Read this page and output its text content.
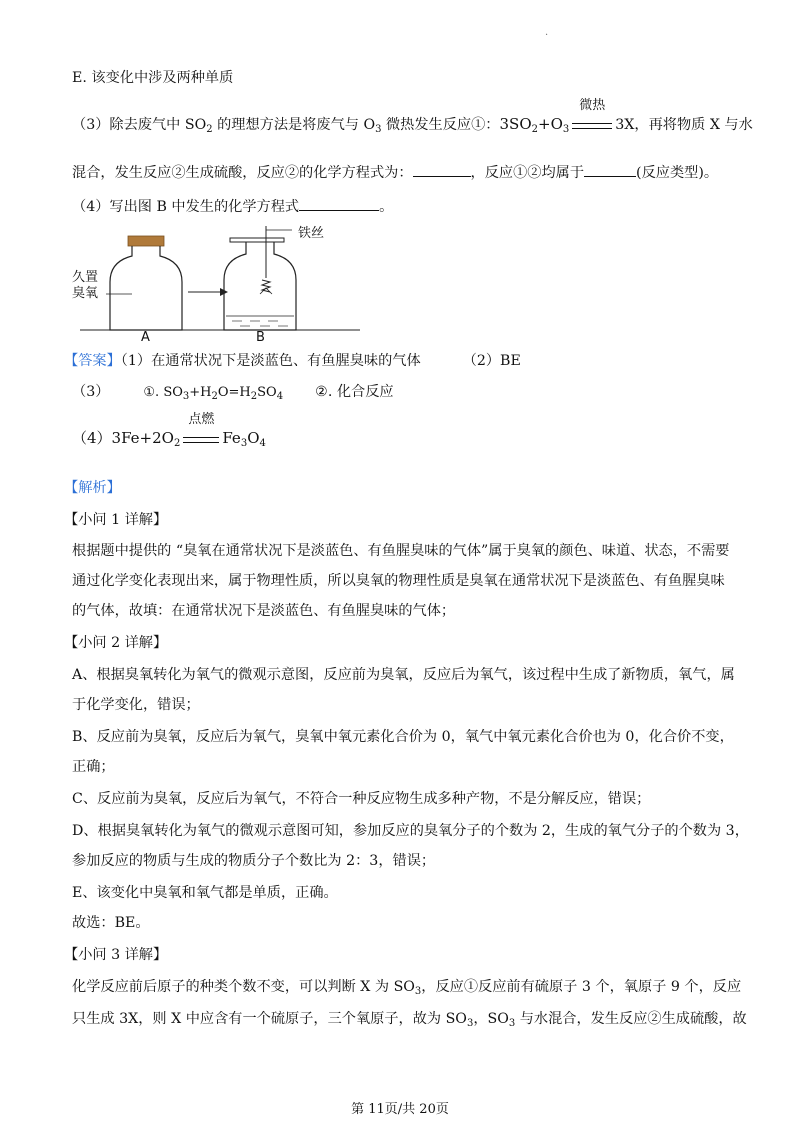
·
E. 该变化中涉及两种单质
（3）除去废气中 $SO_2$ 的理想方法是将废气与 $O_3$ 微热发生反应①：$3SO_2+O_3$
微热
3X，再将物质 X 与水
混合，发生反应②生成硫酸，反应②的化学方程式为：	，反应①②均属于	(反应类型)。
（4）写出图 B 中发生的化学方程式	。
久置
臭氧
铁丝
A	B
【答案】（1）在通常状况下是淡蓝色、有鱼腥臭味的气体	（2）BE
（3）	①. $SO_3+H_2O=H_2SO_4$ ②. 化合反应
$(4)3Fe+2O_2$
点燃
$Fe_3O_4$
【解析】
【小问 1 详解】
根据题中提供的 “臭氧在通常状况下是淡蓝色、有鱼腥臭味的气体”属于臭氧的颜色、味道、状态，不需要
通过化学变化表现出来，属于物理性质，所以臭氧的物理性质是臭氧在通常状况下是淡蓝色、有鱼腥臭味
的气体，故填：在通常状况下是淡蓝色、有鱼腥臭味的气体；
【小问 2 详解】
A、根据臭氧转化为氧气的微观示意图，反应前为臭氧，反应后为氧气，该过程中生成了新物质，氧气，属
于化学变化，错误；
B、反应前为臭氧，反应后为氧气，臭氧中氧元素化合价为 0，氧气中氧元素化合价也为 0，化合价不变，
正确；
C、反应前为臭氧，反应后为氧气，不符合一种反应物生成多种产物，不是分解反应，错误；
D、根据臭氧转化为氧气的微观示意图可知，参加反应的臭氧分子的个数为 2，生成的氧气分子的个数为 3，
参加反应的物质与生成的物质分子个数比为 2：3，错误；
E、该变化中臭氧和氧气都是单质，正确。
故选：BE。
【小问 3 详解】
化学反应前后原子的种类个数不变，可以判断 X 为 $SO_3$，反应①反应前有硫原子 3 个，氧原子 9 个，反应
只生成 3X，则 X 中应含有一个硫原子，三个氧原子，故为 $SO_3$，$SO_3$ 与水混合，发生反应②生成硫酸，故
第 11页/共 20页
